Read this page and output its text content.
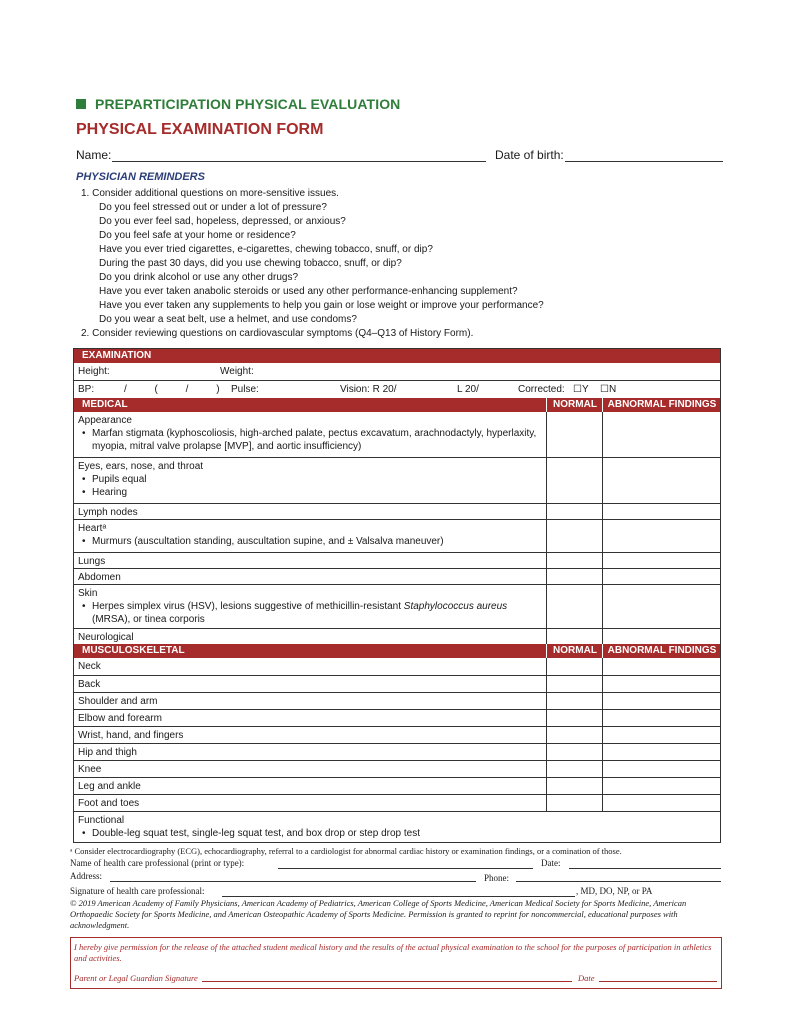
PREPARTICIPATION PHYSICAL EVALUATION
PHYSICAL EXAMINATION FORM
Name:	Date of birth:
PHYSICIAN REMINDERS
1. Consider additional questions on more-sensitive issues.
Do you feel stressed out or under a lot of pressure?
Do you ever feel sad, hopeless, depressed, or anxious?
Do you feel safe at your home or residence?
Have you ever tried cigarettes, e-cigarettes, chewing tobacco, snuff, or dip?
During the past 30 days, did you use chewing tobacco, snuff, or dip?
Do you drink alcohol or use any other drugs?
Have you ever taken anabolic steroids or used any other performance-enhancing supplement?
Have you ever taken any supplements to help you gain or lose weight or improve your performance?
Do you wear a seat belt, use a helmet, and use condoms?
2. Consider reviewing questions on cardiovascular symptoms (Q4–Q13 of History Form).
EXAMINATION
Height:	Weight:
BP:	/          (          /          ) Pulse:	Vision: R 20/	L 20/	Corrected: ☐Y ☐N
MEDICAL	NORMAL	ABNORMAL FINDINGS
Appearance
• Marfan stigmata (kyphoscoliosis, high-arched palate, pectus excavatum, arachnodactyly, hyperlaxity, myopia, mitral valve prolapse [MVP], and aortic insufficiency)
Eyes, ears, nose, and throat
• Pupils equal
• Hearing
Lymph nodes
Heartᵃ
• Murmurs (auscultation standing, auscultation supine, and ± Valsalva maneuver)
Lungs
Abdomen
Skin
• Herpes simplex virus (HSV), lesions suggestive of methicillin-resistant Staphylococcus aureus (MRSA), or tinea corporis
Neurological
MUSCULOSKELETAL	NORMAL	ABNORMAL FINDINGS
Neck
Back
Shoulder and arm
Elbow and forearm
Wrist, hand, and fingers
Hip and thigh
Knee
Leg and ankle
Foot and toes
Functional
• Double-leg squat test, single-leg squat test, and box drop or step drop test
ᵃ Consider electrocardiography (ECG), echocardiography, referral to a cardiologist for abnormal cardiac history or examination findings, or a comination of those.
Name of health care professional (print or type):	Date:
Address:	Phone:
Signature of health care professional:	, MD, DO, NP, or PA
© 2019 American Academy of Family Physicians, American Academy of Pediatrics, American College of Sports Medicine, American Medical Society for Sports Medicine, American Orthopaedic Society for Sports Medicine, and American Osteopathic Academy of Sports Medicine. Permission is granted to reprint for noncommercial, educational purposes with acknowledgment.
I hereby give permission for the release of the attached student medical history and the results of the actual physical examination to the school for the purposes of participation in athletics and activities.
Parent or Legal Guardian Signature	Date
